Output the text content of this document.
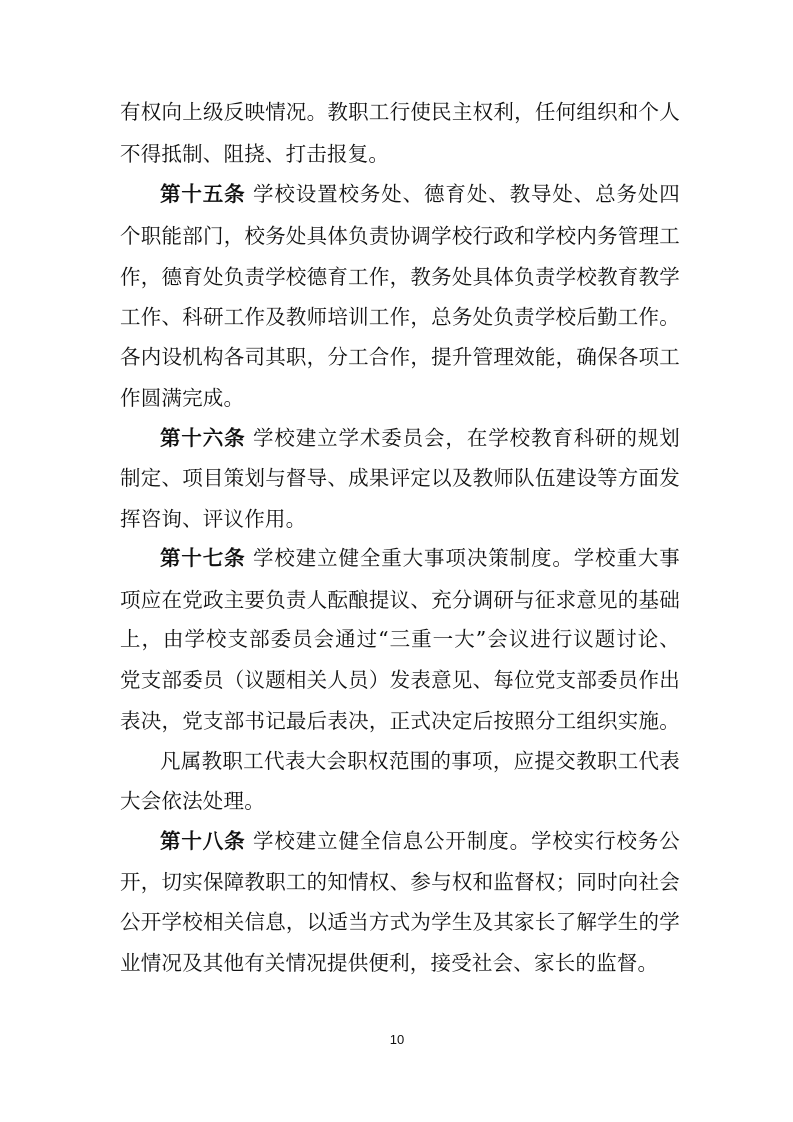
有权向上级反映情况。教职工行使民主权利，任何组织和个人
不得抵制、阻挠、打击报复。
第十五条 学校设置校务处、德育处、教导处、总务处四
个职能部门，校务处具体负责协调学校行政和学校内务管理工
作，德育处负责学校德育工作，教务处具体负责学校教育教学
工作、科研工作及教师培训工作，总务处负责学校后勤工作。
各内设机构各司其职，分工合作，提升管理效能，确保各项工
作圆满完成。
第十六条 学校建立学术委员会，在学校教育科研的规划
制定、项目策划与督导、成果评定以及教师队伍建设等方面发
挥咨询、评议作用。
第十七条 学校建立健全重大事项决策制度。学校重大事
项应在党政主要负责人酝酿提议、充分调研与征求意见的基础
上，由学校支部委员会通过“三重一大”会议进行议题讨论、
党支部委员（议题相关人员）发表意见、每位党支部委员作出
表决，党支部书记最后表决，正式决定后按照分工组织实施。
凡属教职工代表大会职权范围的事项，应提交教职工代表
大会依法处理。
第十八条 学校建立健全信息公开制度。学校实行校务公
开，切实保障教职工的知情权、参与权和监督权；同时向社会
公开学校相关信息，以适当方式为学生及其家长了解学生的学
业情况及其他有关情况提供便利，接受社会、家长的监督。
10
